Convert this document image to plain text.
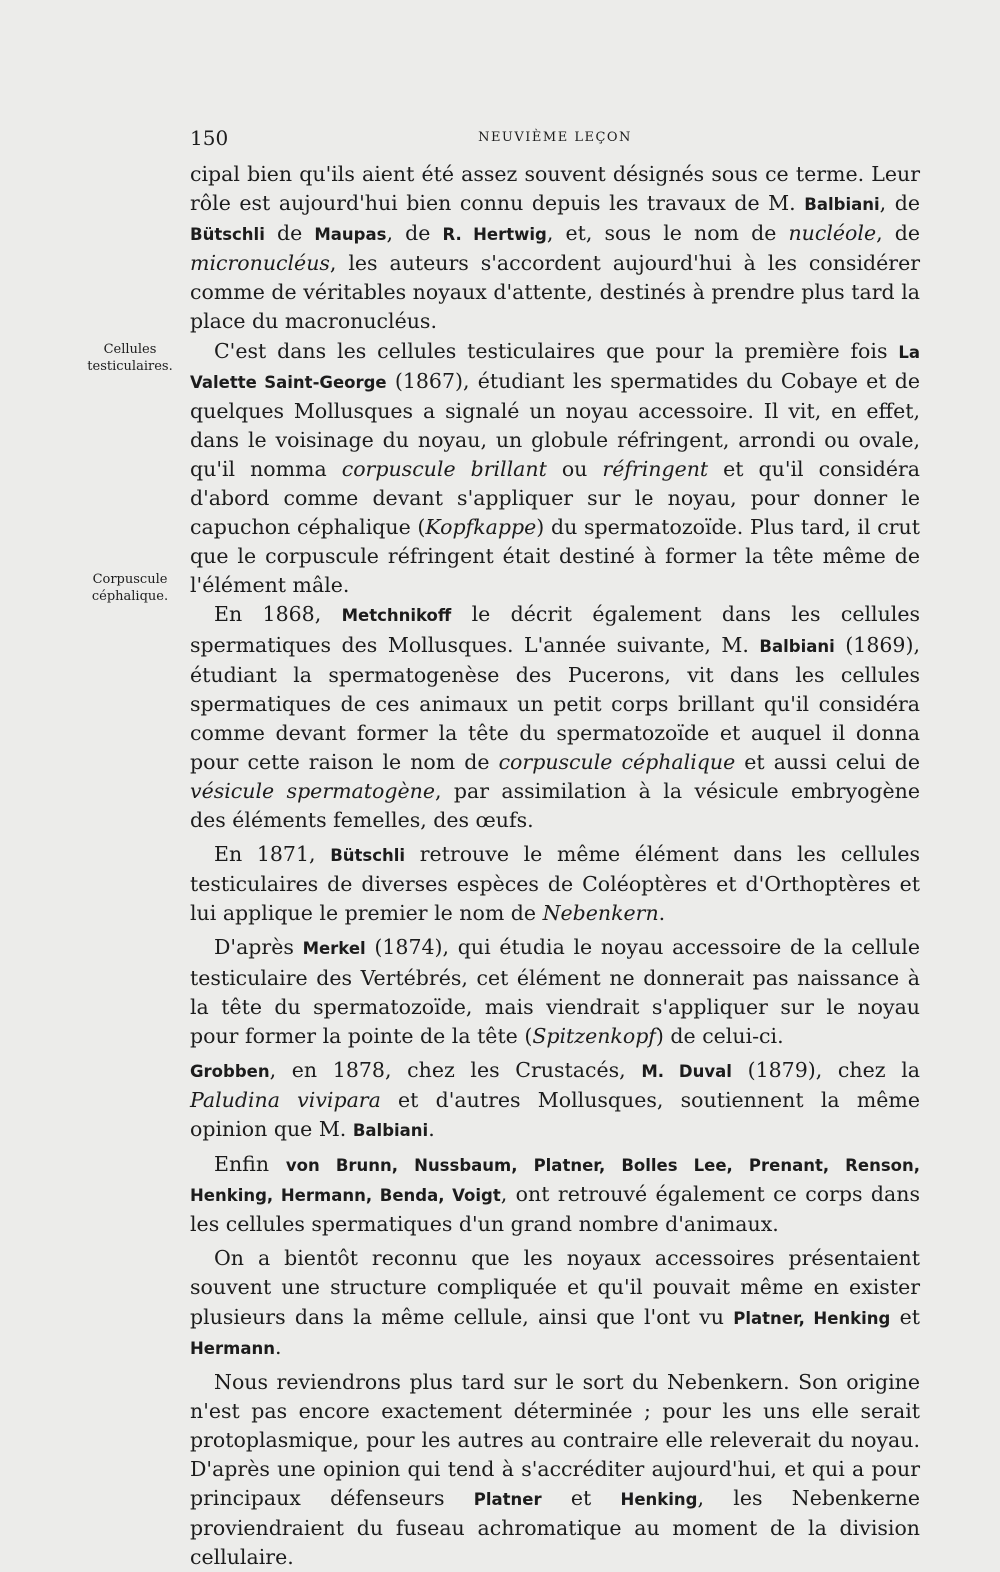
150	NEUVIÈME LEÇON
Cellules
testiculaires.
Corpuscule
céphalique.

cipal bien qu'ils aient été assez souvent désignés sous ce terme. Leur rôle est aujourd'hui bien connu depuis les travaux de M. Balbiani, de Bütschli de Maupas, de R. Hertwig, et, sous le nom de nucléole, de micronucléus, les auteurs s'accordent aujourd'hui à les considérer comme de véritables noyaux d'attente, destinés à prendre plus tard la place du macronucléus.

C'est dans les cellules testiculaires que pour la première fois La Valette Saint-George (1867), étudiant les spermatides du Cobaye et de quelques Mollusques a signalé un noyau accessoire. Il vit, en effet, dans le voisinage du noyau, un globule réfringent, arrondi ou ovale, qu'il nomma corpuscule brillant ou réfringent et qu'il considéra d'abord comme devant s'appliquer sur le noyau, pour donner le capuchon céphalique (Kopfkappe) du spermatozoïde. Plus tard, il crut que le corpuscule réfringent était destiné à former la tête même de l'élément mâle.

En 1868, Metchnikoff le décrit également dans les cellules spermatiques des Mollusques. L'année suivante, M. Balbiani (1869), étudiant la spermatogenèse des Pucerons, vit dans les cellules spermatiques de ces animaux un petit corps brillant qu'il considéra comme devant former la tête du spermatozoïde et auquel il donna pour cette raison le nom de corpuscule céphalique et aussi celui de vésicule spermatogène, par assimilation à la vésicule embryogène des éléments femelles, des œufs.

En 1871, Bütschli retrouve le même élément dans les cellules testiculaires de diverses espèces de Coléoptères et d'Orthoptères et lui applique le premier le nom de Nebenkern.

D'après Merkel (1874), qui étudia le noyau accessoire de la cellule testiculaire des Vertébrés, cet élément ne donnerait pas naissance à la tête du spermatozoïde, mais viendrait s'appliquer sur le noyau pour former la pointe de la tête (Spitzenkopf) de celui-ci.

Grobben, en 1878, chez les Crustacés, M. Duval (1879), chez la Paludina vivipara et d'autres Mollusques, soutiennent la même opinion que M. Balbiani.

Enfin von Brunn, Nussbaum, Platner, Bolles Lee, Prenant, Renson, Henking, Hermann, Benda, Voigt, ont retrouvé également ce corps dans les cellules spermatiques d'un grand nombre d'animaux.

On a bientôt reconnu que les noyaux accessoires présentaient souvent une structure compliquée et qu'il pouvait même en exister plusieurs dans la même cellule, ainsi que l'ont vu Platner, Henking et Hermann.

Nous reviendrons plus tard sur le sort du Nebenkern. Son origine n'est pas encore exactement déterminée ; pour les uns elle serait protoplasmique, pour les autres au contraire elle releverait du noyau. D'après une opinion qui tend à s'accréditer aujourd'hui, et qui a pour principaux défenseurs Platner et Henking, les Nebenkerne proviendraient du fuseau achromatique au moment de la division cellulaire.
